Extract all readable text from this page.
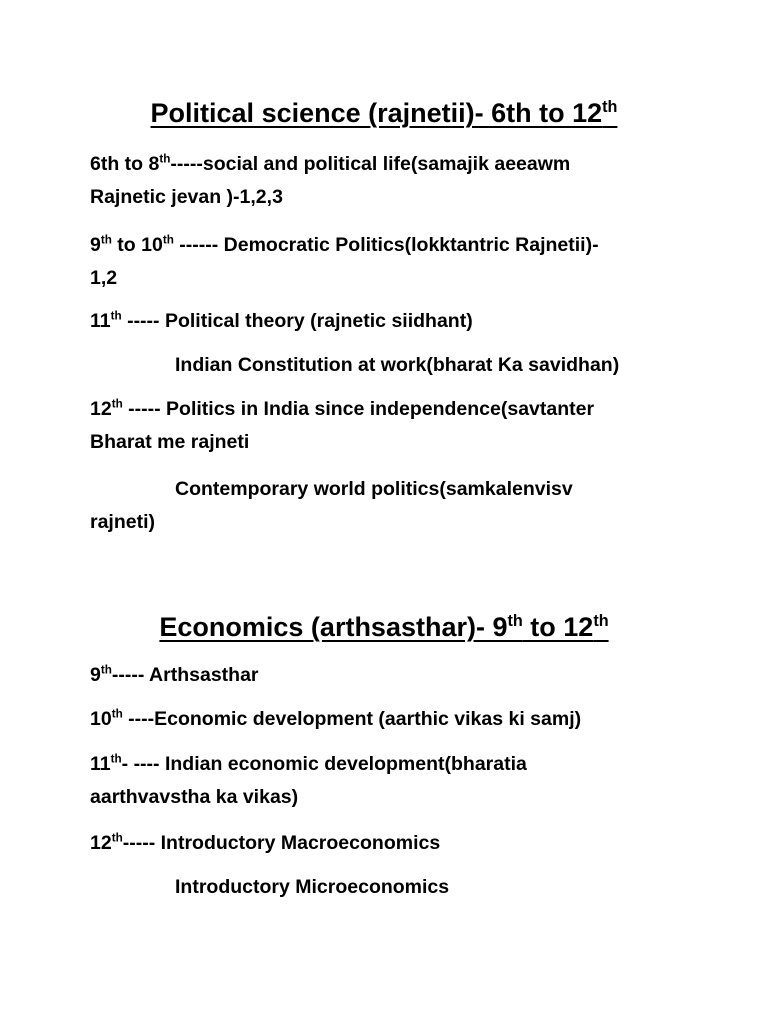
Political science (rajnetii)- 6th to 12th

6th to 8th-----social and political life(samajik aeeawm
Rajnetic jevan )-1,2,3

9th to 10th ------ Democratic Politics(lokktantric Rajnetii)-
1,2

11th ----- Political theory (rajnetic siidhant)

Indian Constitution at work(bharat Ka savidhan)

12th ----- Politics in India since independence(savtanter
Bharat me rajneti

Contemporary world politics(samkalenvisv

rajneti)

Economics (arthsasthar)- 9th to 12th

9th----- Arthsasthar

10th ----Economic development (aarthic vikas ki samj)

11th- ---- Indian economic development(bharatia
aarthvavstha ka vikas)

12th----- Introductory Macroeconomics

Introductory Microeconomics
